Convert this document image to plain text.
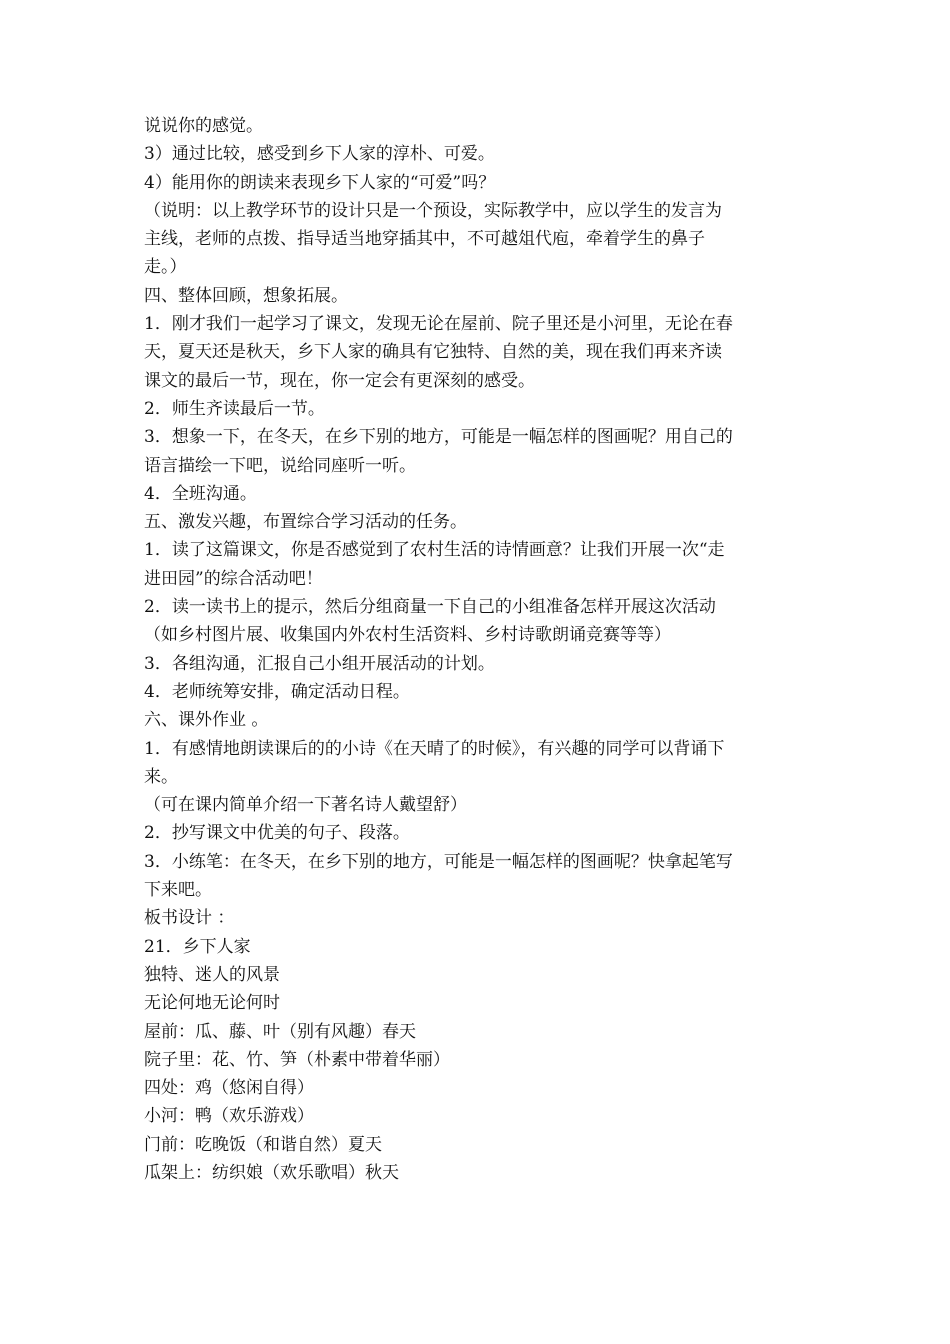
说说你的感觉。
3）通过比较，感受到乡下人家的淳朴、可爱。
4）能用你的朗读来表现乡下人家的“可爱”吗？
（说明：以上教学环节的设计只是一个预设，实际教学中，应以学生的发言为
主线，老师的点拨、指导适当地穿插其中，不可越俎代庖，牵着学生的鼻子
走。）
四、整体回顾，想象拓展。
1．刚才我们一起学习了课文，发现无论在屋前、院子里还是小河里，无论在春
天，夏天还是秋天，乡下人家的确具有它独特、自然的美，现在我们再来齐读
课文的最后一节，现在，你一定会有更深刻的感受。
2．师生齐读最后一节。
3．想象一下，在冬天，在乡下别的地方，可能是一幅怎样的图画呢？用自己的
语言描绘一下吧，说给同座听一听。
4．全班沟通。
五、激发兴趣，布置综合学习活动的任务。
1．读了这篇课文，你是否感觉到了农村生活的诗情画意？让我们开展一次“走
进田园”的综合活动吧！
2．读一读书上的提示，然后分组商量一下自己的小组准备怎样开展这次活动
（如乡村图片展、收集国内外农村生活资料、乡村诗歌朗诵竞赛等等）
3．各组沟通，汇报自己小组开展活动的计划。
4．老师统筹安排，确定活动日程。
六、课外作业 。
1．有感情地朗读课后的的小诗《在天晴了的时候》，有兴趣的同学可以背诵下
来。
（可在课内简单介绍一下著名诗人戴望舒）
2．抄写课文中优美的句子、段落。
3．小练笔：在冬天，在乡下别的地方，可能是一幅怎样的图画呢？快拿起笔写
下来吧。
板书设计 ：
21．乡下人家
独特、迷人的风景
无论何地无论何时
屋前：瓜、藤、叶（别有风趣）春天
院子里：花、竹、笋（朴素中带着华丽）
四处：鸡（悠闲自得）
小河：鸭（欢乐游戏）
门前：吃晚饭（和谐自然）夏天
瓜架上：纺织娘（欢乐歌唱）秋天
